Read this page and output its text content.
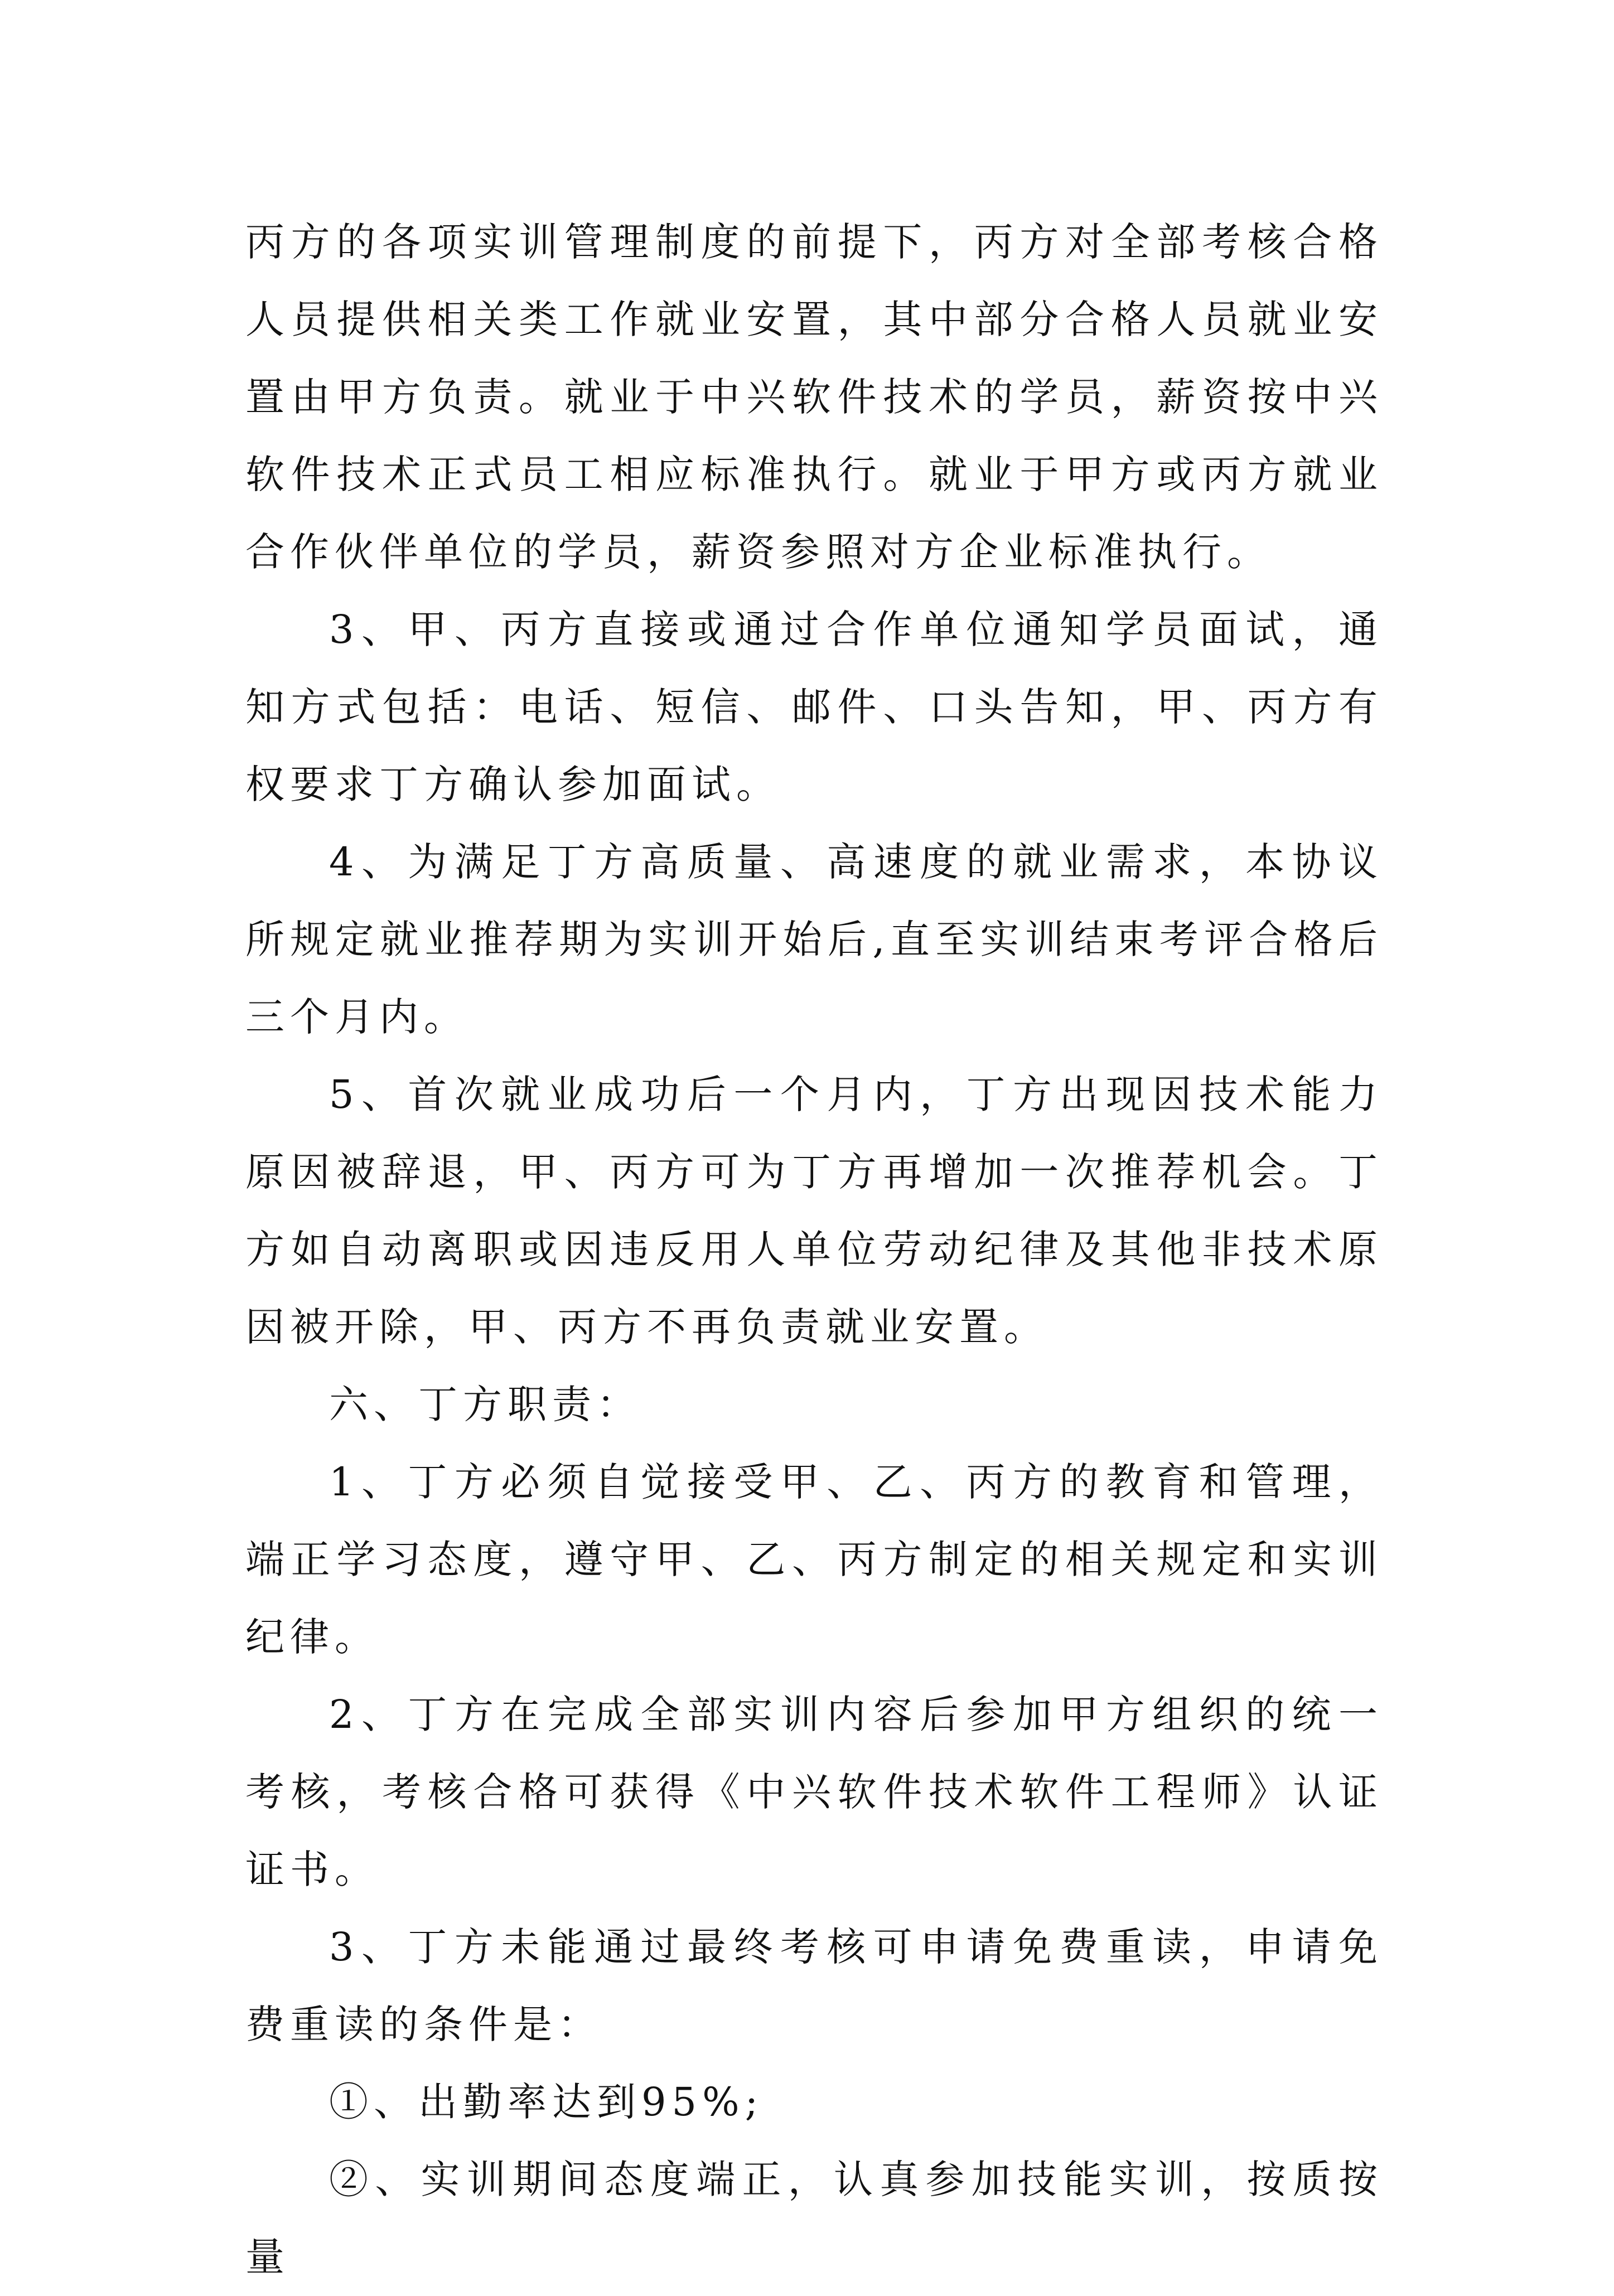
丙方的各项实训管理制度的前提下，丙方对全部考核合格人员提供相关类工作就业安置，其中部分合格人员就业安置由甲方负责。就业于中兴软件技术的学员，薪资按中兴软件技术正式员工相应标准执行。就业于甲方或丙方就业合作伙伴单位的学员，薪资参照对方企业标准执行。

3、甲、丙方直接或通过合作单位通知学员面试，通知方式包括：电话、短信、邮件、口头告知，甲、丙方有权要求丁方确认参加面试。

4、为满足丁方高质量、高速度的就业需求，本协议所规定就业推荐期为实训开始后,直至实训结束考评合格后三个月内。

5、首次就业成功后一个月内，丁方出现因技术能力原因被辞退，甲、丙方可为丁方再增加一次推荐机会。丁方如自动离职或因违反用人单位劳动纪律及其他非技术原因被开除，甲、丙方不再负责就业安置。

六、丁方职责：

1、丁方必须自觉接受甲、乙、丙方的教育和管理，端正学习态度，遵守甲、乙、丙方制定的相关规定和实训纪律。

2、丁方在完成全部实训内容后参加甲方组织的统一考核，考核合格可获得《中兴软件技术软件工程师》认证证书。

3、丁方未能通过最终考核可申请免费重读，申请免费重读的条件是：

①、出勤率达到95%;

②、实训期间态度端正，认真参加技能实训，按质按量
